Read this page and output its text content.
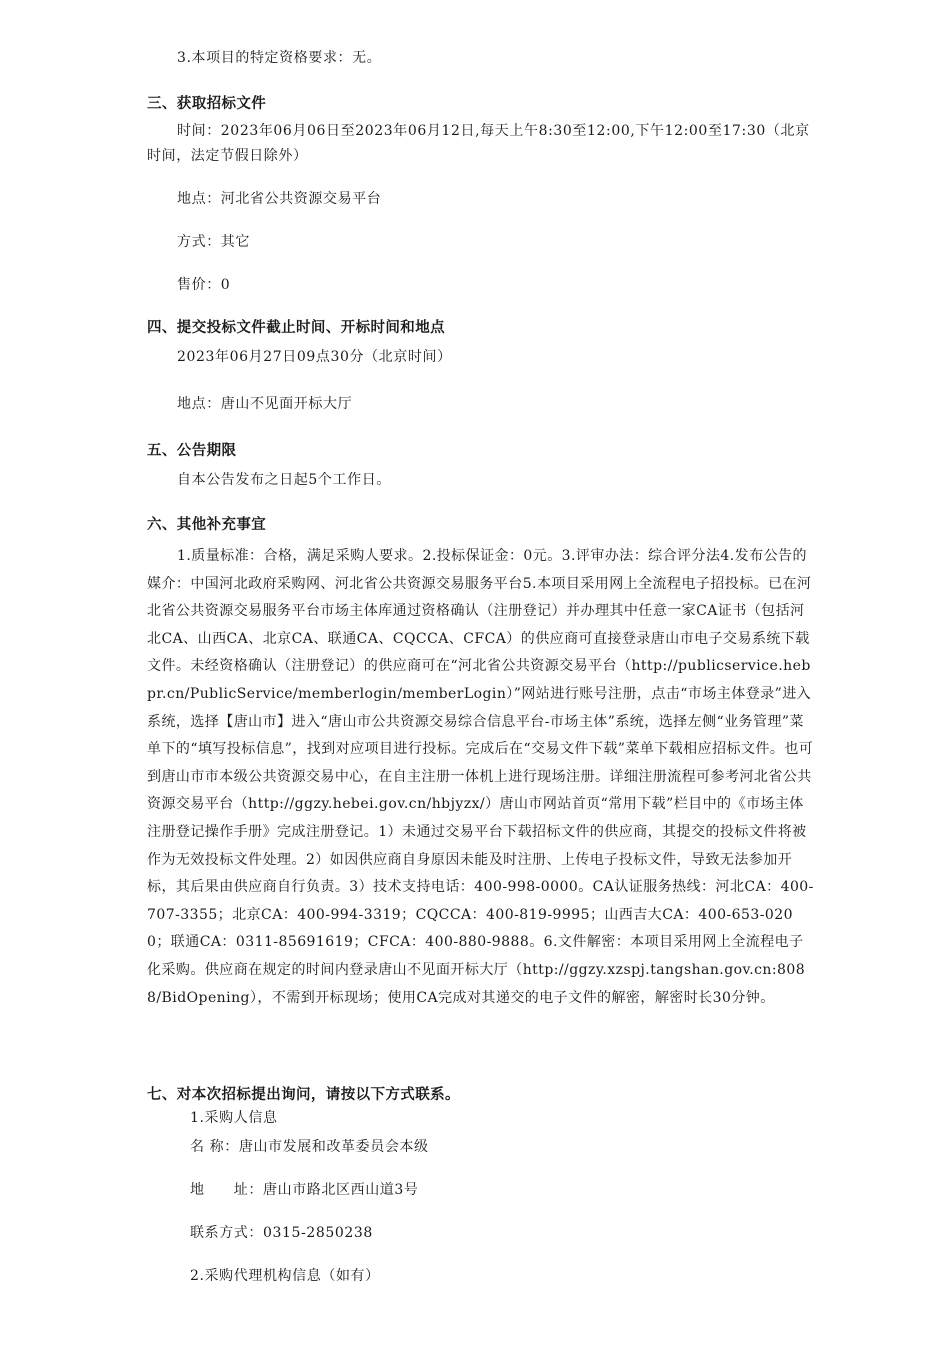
3.本项目的特定资格要求：无。
三、获取招标文件
时间：2023年06月06日至2023年06月12日,每天上午8:30至12:00,下午12:00至17:30（北京
时间，法定节假日除外）
地点：河北省公共资源交易平台
方式：其它
售价：0
四、提交投标文件截止时间、开标时间和地点
2023年06月27日09点30分（北京时间）
地点：唐山不见面开标大厅
五、公告期限
自本公告发布之日起5个工作日。
六、其他补充事宜
1.质量标准：合格，满足采购人要求。2.投标保证金：0元。3.评审办法：综合评分法4.发布公告的媒介：中国河北政府采购网、河北省公共资源交易服务平台5.本项目采用网上全流程电子招投标。已在河北省公共资源交易服务平台市场主体库通过资格确认（注册登记）并办理其中任意一家CA证书（包括河北CA、山西CA、北京CA、联通CA、CQCCA、CFCA）的供应商可直接登录唐山市电子交易系统下载文件。未经资格确认（注册登记）的供应商可在“河北省公共资源交易平台（http://publicservice.hebpr.cn/PublicService/memberlogin/memberLogin）”网站进行账号注册，点击“市场主体登录”进入系统，选择【唐山市】进入“唐山市公共资源交易综合信息平台-市场主体”系统，选择左侧“业务管理”菜单下的“填写投标信息”，找到对应项目进行投标。完成后在“交易文件下载”菜单下载相应招标文件。也可到唐山市市本级公共资源交易中心，在自主注册一体机上进行现场注册。详细注册流程可参考河北省公共资源交易平台（http://ggzy.hebei.gov.cn/hbjyzx/）唐山市网站首页“常用下载”栏目中的《市场主体注册登记操作手册》完成注册登记。1）未通过交易平台下载招标文件的供应商，其提交的投标文件将被作为无效投标文件处理。2）如因供应商自身原因未能及时注册、上传电子投标文件，导致无法参加开标，其后果由供应商自行负责。3）技术支持电话：400-998-0000。CA认证服务热线：河北CA：400-707-3355；北京CA：400-994-3319；CQCCA：400-819-9995；山西吉大CA：400-653-0200；联通CA：0311-85691619；CFCA：400-880-9888。6.文件解密：本项目采用网上全流程电子化采购。供应商在规定的时间内登录唐山不见面开标大厅（http://ggzy.xzspj.tangshan.gov.cn:8088/BidOpening），不需到开标现场；使用CA完成对其递交的电子文件的解密，解密时长30分钟。
七、对本次招标提出询问，请按以下方式联系。
1.采购人信息
名 称：唐山市发展和改革委员会本级
地　　址：唐山市路北区西山道3号
联系方式：0315-2850238
2.采购代理机构信息（如有）
